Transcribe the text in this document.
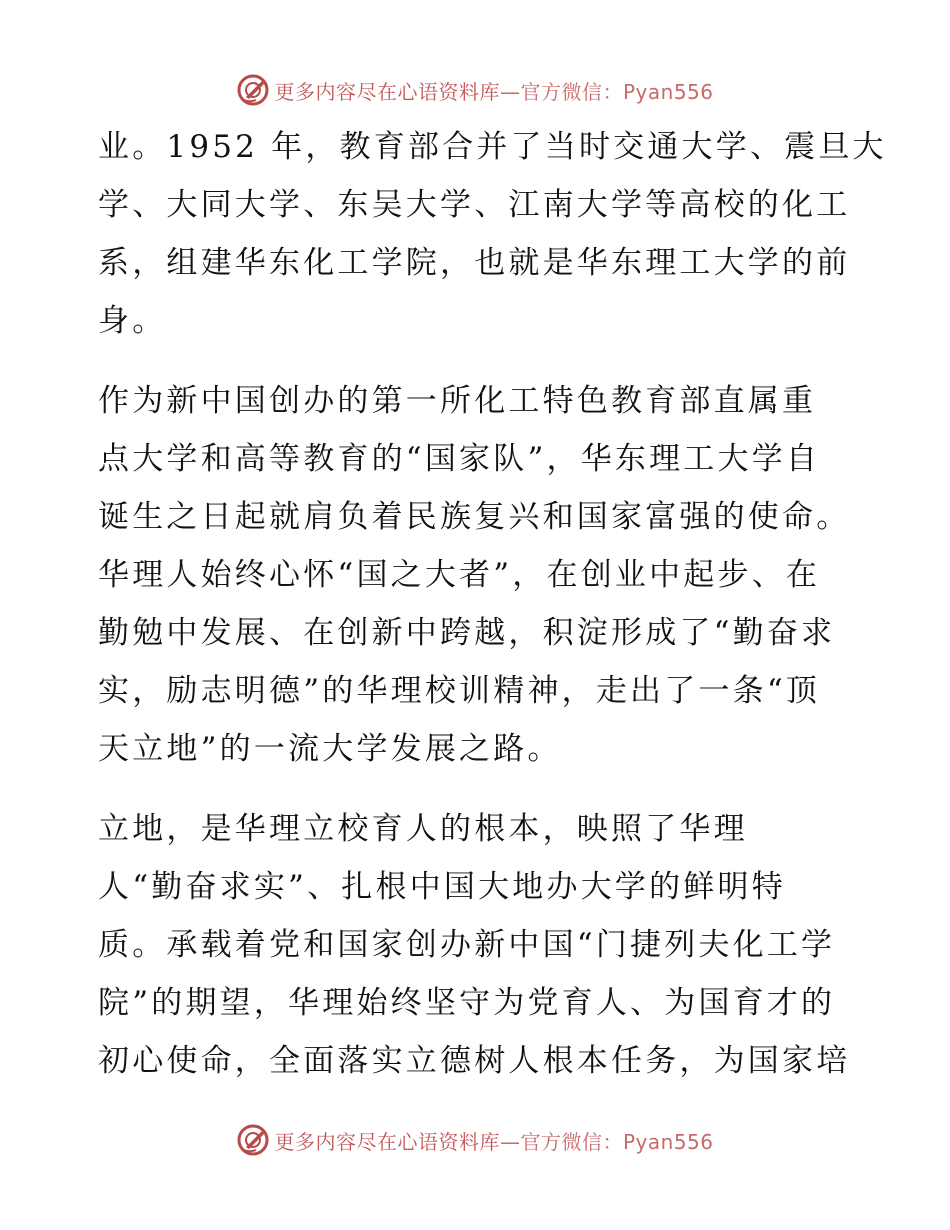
更多内容尽在心语资料库—官方微信：Pyan556
业。1952 年，教育部合并了当时交通大学、震旦大
学、大同大学、东吴大学、江南大学等高校的化工
系，组建华东化工学院，也就是华东理工大学的前
身。
作为新中国创办的第一所化工特色教育部直属重
点大学和高等教育的“国家队”，华东理工大学自
诞生之日起就肩负着民族复兴和国家富强的使命。
华理人始终心怀“国之大者”，在创业中起步、在
勤勉中发展、在创新中跨越，积淀形成了“勤奋求
实，励志明德”的华理校训精神，走出了一条“顶
天立地”的一流大学发展之路。
立地，是华理立校育人的根本，映照了华理
人“勤奋求实”、扎根中国大地办大学的鲜明特
质。承载着党和国家创办新中国“门捷列夫化工学
院”的期望，华理始终坚守为党育人、为国育才的
初心使命，全面落实立德树人根本任务，为国家培
更多内容尽在心语资料库—官方微信：Pyan556
